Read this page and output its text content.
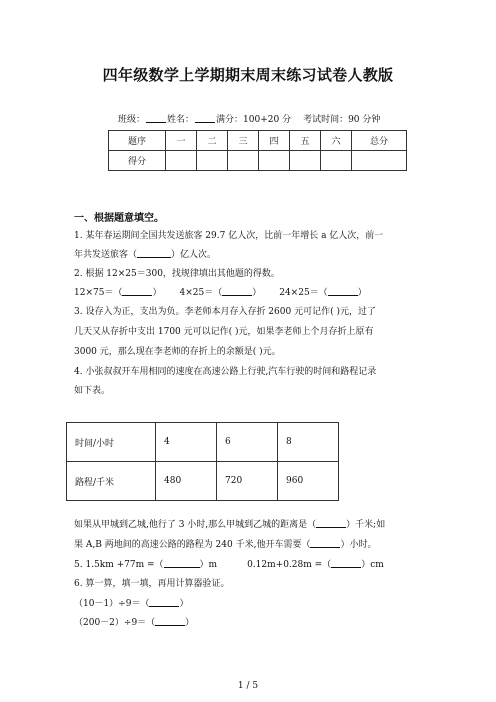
四年级数学上学期期末周末练习试卷人教版
班级： 姓名： 满分：100+20 分 考试时间：90 分钟
题序	一	二	三	四	五	六	总分
得分							
一、根据题意填空。
1. 某年春运期间全国共发送旅客 29.7 亿人次，比前一年增长 a 亿人次，前一
年共发送旅客（	）亿人次。
2. 根据 12×25＝300，找规律填出其他题的得数。
12×75＝（	） 4×25＝（	） 24×25＝（	）
3. 设存入为正，支出为负。李老师本月存入存折 2600 元可记作( )元，过了
几天又从存折中支出 1700 元可以记作( )元，如果李老师上个月存折上原有
3000 元，那么现在李老师的存折上的余额是( )元。
4. 小张叔叔开车用相同的速度在高速公路上行驶,汽车行驶的时间和路程记录
如下表。
时间/小时	4	6	8
路程/千米	480	720	960
如果从甲城到乙城,他行了 3 小时,那么甲城到乙城的距离是（	）千米;如
果 A,B 两地间的高速公路的路程为 240 千米,他开车需要（	）小时。
5. 1.5km +77m =（	）m	0.12m+0.28m =（	）cm
6. 算一算，填一填，再用计算器验证。
（10－1）÷9＝（	）
（200－2）÷9＝（	）
1 / 5
